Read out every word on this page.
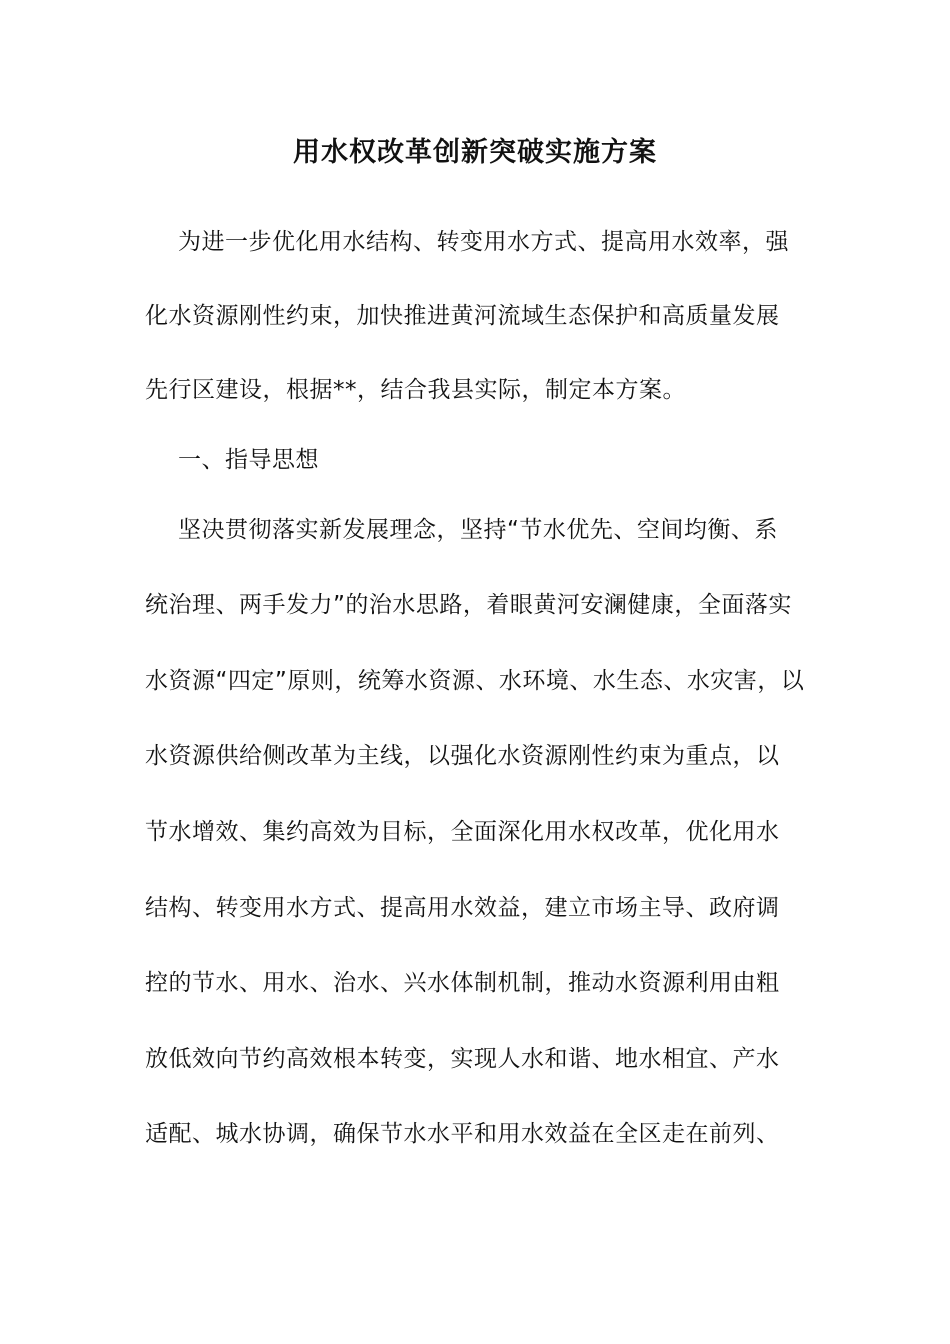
用水权改革创新突破实施方案

为进一步优化用水结构、转变用水方式、提高用水效率，强

化水资源刚性约束，加快推进黄河流域生态保护和高质量发展

先行区建设，根据**，结合我县实际，制定本方案。

一、指导思想

坚决贯彻落实新发展理念，坚持“节水优先、空间均衡、系

统治理、两手发力”的治水思路，着眼黄河安澜健康，全面落实

水资源“四定”原则，统筹水资源、水环境、水生态、水灾害，以

水资源供给侧改革为主线，以强化水资源刚性约束为重点，以

节水增效、集约高效为目标，全面深化用水权改革，优化用水

结构、转变用水方式、提高用水效益，建立市场主导、政府调

控的节水、用水、治水、兴水体制机制，推动水资源利用由粗

放低效向节约高效根本转变，实现人水和谐、地水相宜、产水

适配、城水协调，确保节水水平和用水效益在全区走在前列、
